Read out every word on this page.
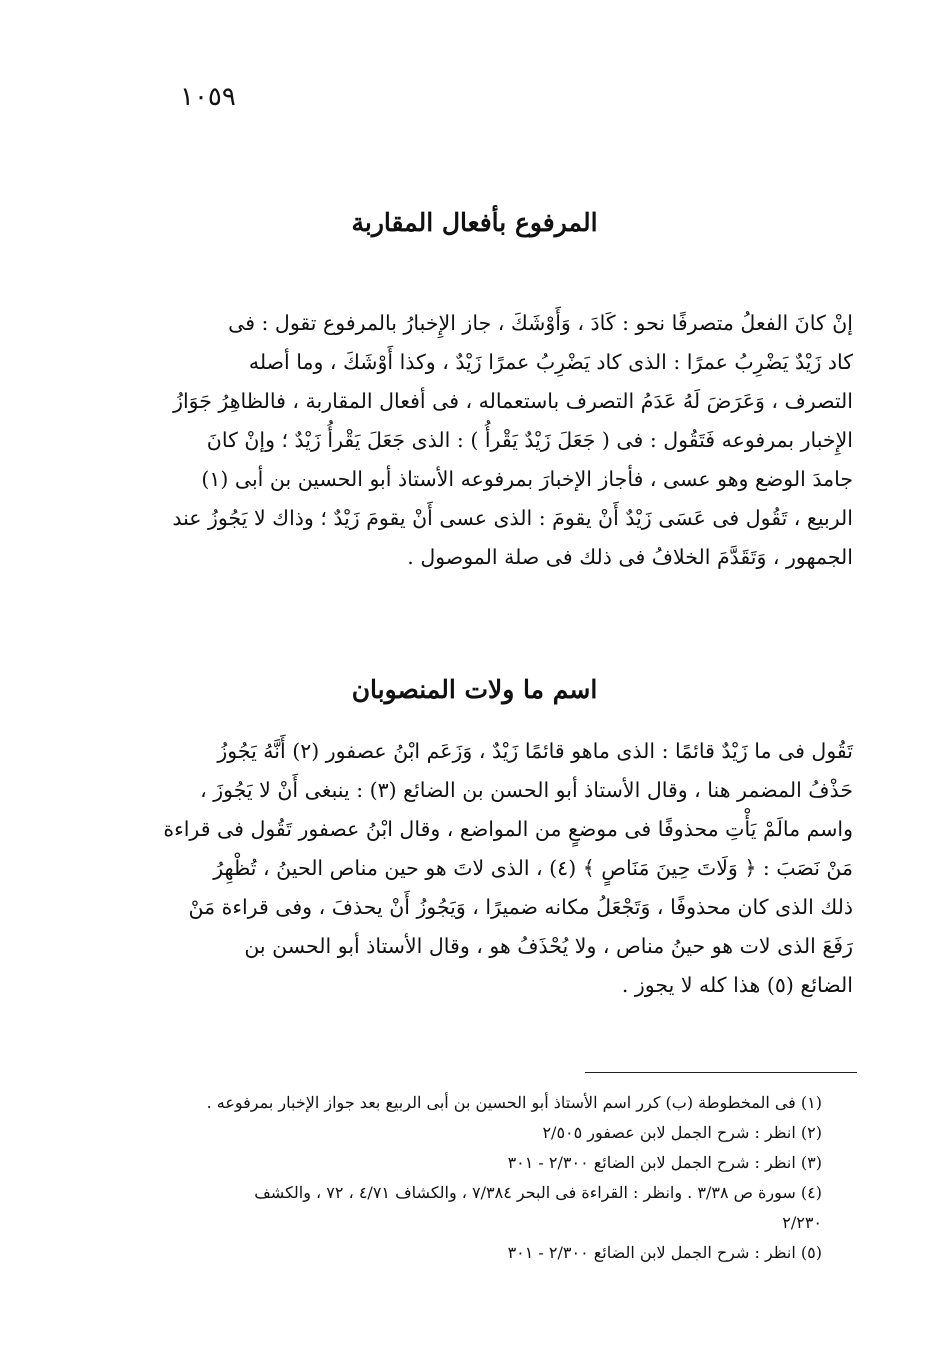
١٠٥٩
المرفوع بأفعال المقاربة

إنْ كانَ الفعلُ متصرفًا نحو : كَادَ ، وَأَوْشَكَ ، جاز الإِخبارُ بالمرفوع تقول : فى
كاد زَيْدٌ يَضْرِبُ عمرًا : الذى كاد يَضْرِبُ عمرًا زَيْدٌ ، وكذا أَوْشَكَ ، وما أصله
التصرف ، وَعَرَضَ لَهُ عَدَمُ التصرف باستعماله ، فى أفعال المقاربة ، فالظاهِرُ جَوَازُ
الإِخبار بمرفوعه فَتَقُول : فى ( جَعَلَ زَيْدٌ يَقْرأُ ) : الذى جَعَلَ يَقْرأُ زَيْدٌ ؛ وإنْ كانَ
جامدَ الوضع وهو عسى ، فأجاز الإخبارَ بمرفوعه الأستاذ أبو الحسين بن أبى (١)
الربيع ، تَقُول فى عَسَى زَيْدٌ أَنْ يقومَ : الذى عسى أَنْ يقومَ زَيْدٌ ؛ وذاك لا يَجُوزُ عند
الجمهور ، وَتَقَدَّمَ الخلافُ فى ذلك فى صلة الموصول .

اسم ما ولات المنصوبان

تَقُول فى ما زَيْدٌ قائمًا : الذى ماهو قائمًا زَيْدٌ ، وَزَعَم ابْنُ عصفور (٢) أَنَّهُ يَجُوزُ
حَذْفُ المضمر هنا ، وقال الأستاذ أبو الحسن بن الضائع (٣) : ينبغى أَنْ لا يَجُوزَ ،
واسم مالَمْ يَأْتِ محذوفًا فى موضعٍ من المواضع ، وقال ابْنُ عصفور تَقُول فى قراءة
مَنْ نَصَبَ : ﴿ وَلَاتَ حِينَ مَنَاصٍ ﴾ (٤) ، الذى لاتَ هو حين مناص الحينُ ، تُظْهِرُ
ذلك الذى كان محذوفًا ، وَتَجْعَلُ مكانه ضميرًا ، وَيَجُوزُ أَنْ يحذفَ ، وفى قراءة مَنْ
رَفَعَ الذى لات هو حينُ مناص ، ولا يُحْذَفُ هو ، وقال الأستاذ أبو الحسن بن
الضائع (٥) هذا كله لا يجوز .

(١) فى المخطوطة (ب) كرر اسم الأستاذ أبو الحسين بن أبى الربيع بعد جواز الإخبار بمرفوعه .
(٢) انظر : شرح الجمل لابن عصفور ٢/٥٠٥
(٣) انظر : شرح الجمل لابن الضائع ٢/٣٠٠ - ٣٠١
(٤) سورة ص ٣/٣٨ . وانظر : القراءة فى البحر ٧/٣٨٤ ، والكشاف ٤/٧١ ، ٧٢ ، والكشف
٢/٢٣٠
(٥) انظر : شرح الجمل لابن الضائع ٢/٣٠٠ - ٣٠١
